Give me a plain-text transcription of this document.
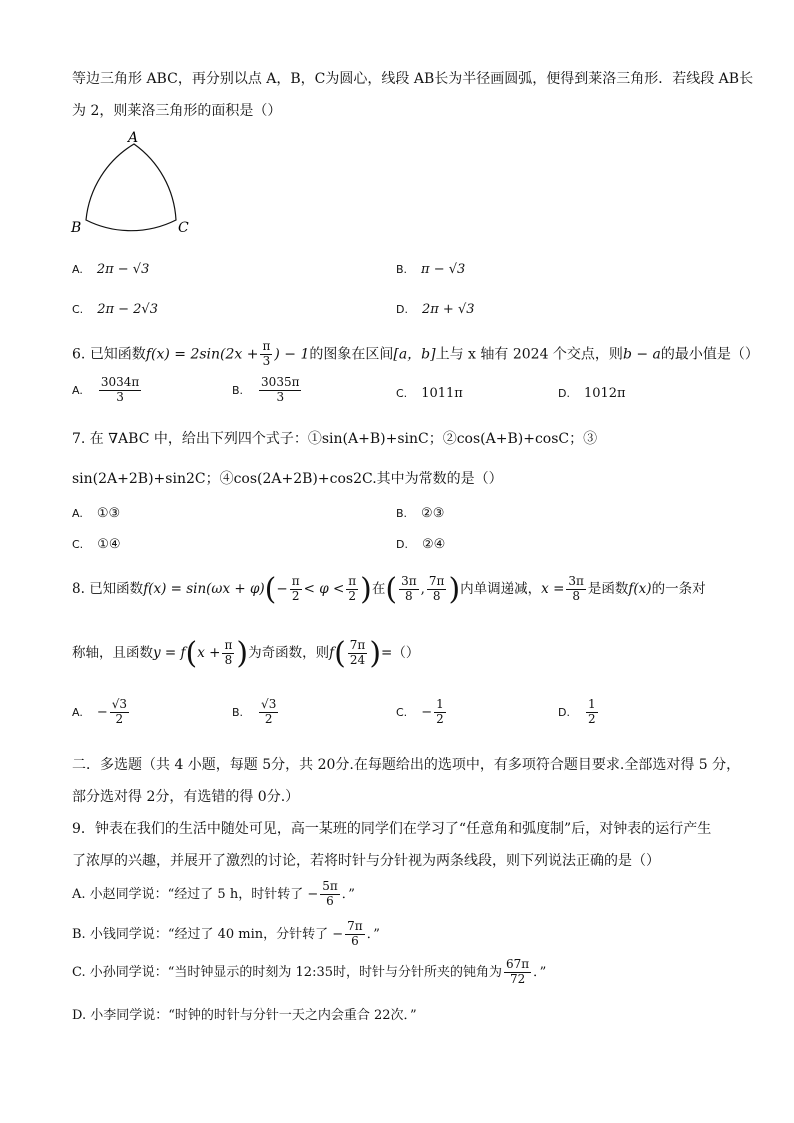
等边三角形 ABC，再分别以点 A，B，C为圆心，线段 AB长为半径画圆弧，便得到莱洛三角形．若线段 AB长
为 2，则莱洛三角形的面积是（）
A
B	C
A. 2π − √3	B. π − √3
C. 2π − 2√3	D. 2π + √3
6. 已知函数$f(x) = 2\sin(2x + \frac{\pi}{3}$ ) − 1的图象在区间[a，b]上与 x 轴有 2024 个交点，则b − a的最小值是（）
A. $\frac{3034\pi}{3}$	B. $\frac{3035\pi}{3}$	C. 1011π	D. 1012π
7. 在 ∇ABC 中，给出下列四个式子：①sin(A+B)+sinC；②cos(A+B)+cosC；③
sin(2A+2B)+sin2C；④cos(2A+2B)+cos2C.其中为常数的是（）
A. ①③	B. ②③
C. ①④	D. ②④
8. 已知函数$f(x) = \sin(\omega x + \varphi)(- \frac{\pi}{2} < \varphi < \frac{\pi}{2}$ )在( $\frac{3\pi}{8}$ , $\frac{7\pi}{8}$ )内单调递减，$x = \frac{3\pi}{8}$ 是函数f(x)的一条对
称轴，且函数$y = f(x + \frac{\pi}{8}$ )为奇函数，则$f( \frac{7\pi}{24}$ )=（）
A. − $\frac{√3}{2}$	B. $\frac{√3}{2}$	C. − $\frac{1}{2}$	D. $\frac{1}{2}$
二．多选题（共 4 小题，每题 5分，共 20分.在每题给出的选项中，有多项符合题目要求.全部选对得 5 分，
部分选对得 2分，有选错的得 0分.）
9．钟表在我们的生活中随处可见，高一某班的同学们在学习了“任意角和弧度制”后，对钟表的运行产生
了浓厚的兴趣，并展开了激烈的讨论，若将时针与分针视为两条线段，则下列说法正确的是（）
A. 小赵同学说：“经过了 5 h，时针转了 − $\frac{5\pi}{6}$ ．”
B. 小钱同学说：“经过了 40 min，分针转了 − $\frac{7\pi}{6}$ ．”
C. 小孙同学说：“当时钟显示的时刻为 12:35时，时针与分针所夹的钝角为 $\frac{67\pi}{72}$ ．”
D. 小李同学说：“时钟的时针与分针一天之内会重合 22次．”
